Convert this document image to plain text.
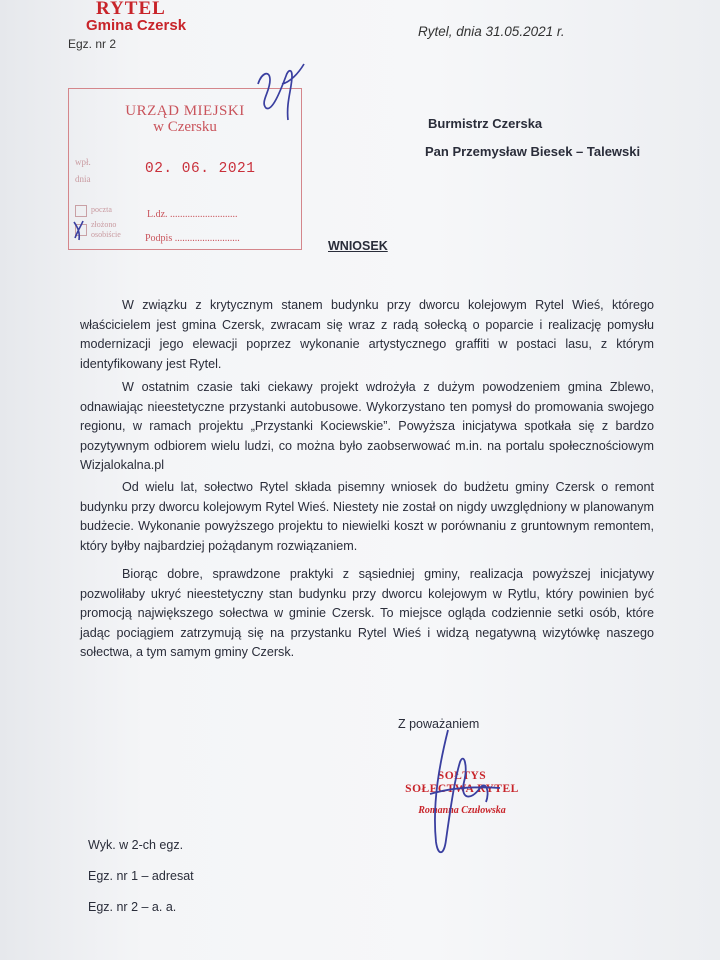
RYTEL
Gmina Czersk
Egz. nr 2
Rytel, dnia 31.05.2021 r.
URZĄD MIEJSKI
w Czersku
wpł.
dnia
02. 06. 2021
poczta
złożono
osobiście
L.dz. ...........................
Podpis ..........................
Burmistrz Czerska
Pan Przemysław Biesek – Talewski
WNIOSEK

W związku z krytycznym stanem budynku przy dworcu kolejowym Rytel Wieś, którego właścicielem jest gmina Czersk, zwracam się wraz z radą sołecką o poparcie i realizację pomysłu modernizacji jego elewacji poprzez wykonanie artystycznego graffiti w postaci lasu, z którym identyfikowany jest Rytel.

W ostatnim czasie taki ciekawy projekt wdrożyła z dużym powodzeniem gmina Zblewo, odnawiając nieestetyczne przystanki autobusowe. Wykorzystano ten pomysł do promowania swojego regionu, w ramach projektu „Przystanki Kociewskie”. Powyższa inicjatywa spotkała się z bardzo pozytywnym odbiorem wielu ludzi, co można było zaobserwować m.in. na portalu społecznościowym Wizjalokalna.pl

Od wielu lat, sołectwo Rytel składa pisemny wniosek do budżetu gminy Czersk o remont budynku przy dworcu kolejowym Rytel Wieś. Niestety nie został on nigdy uwzględniony w planowanym budżecie. Wykonanie powyższego projektu to niewielki koszt w porównaniu z gruntownym remontem, który byłby najbardziej pożądanym rozwiązaniem.

Biorąc dobre, sprawdzone praktyki z sąsiedniej gminy, realizacja powyższej inicjatywy pozwoliłaby ukryć nieestetyczny stan budynku przy dworcu kolejowym w Rytlu, który powinien być promocją największego sołectwa w gminie Czersk. To miejsce ogląda codziennie setki osób, które jadąc pociągiem zatrzymują się na przystanku Rytel Wieś i widzą negatywną wizytówkę naszego sołectwa, a tym samym gminy Czersk.

Z poważaniem
SOŁTYS
SOŁECTWA RYTEL
Romanna Czułowska
Wyk. w 2-ch egz.
Egz. nr 1 – adresat
Egz. nr 2 – a. a.
